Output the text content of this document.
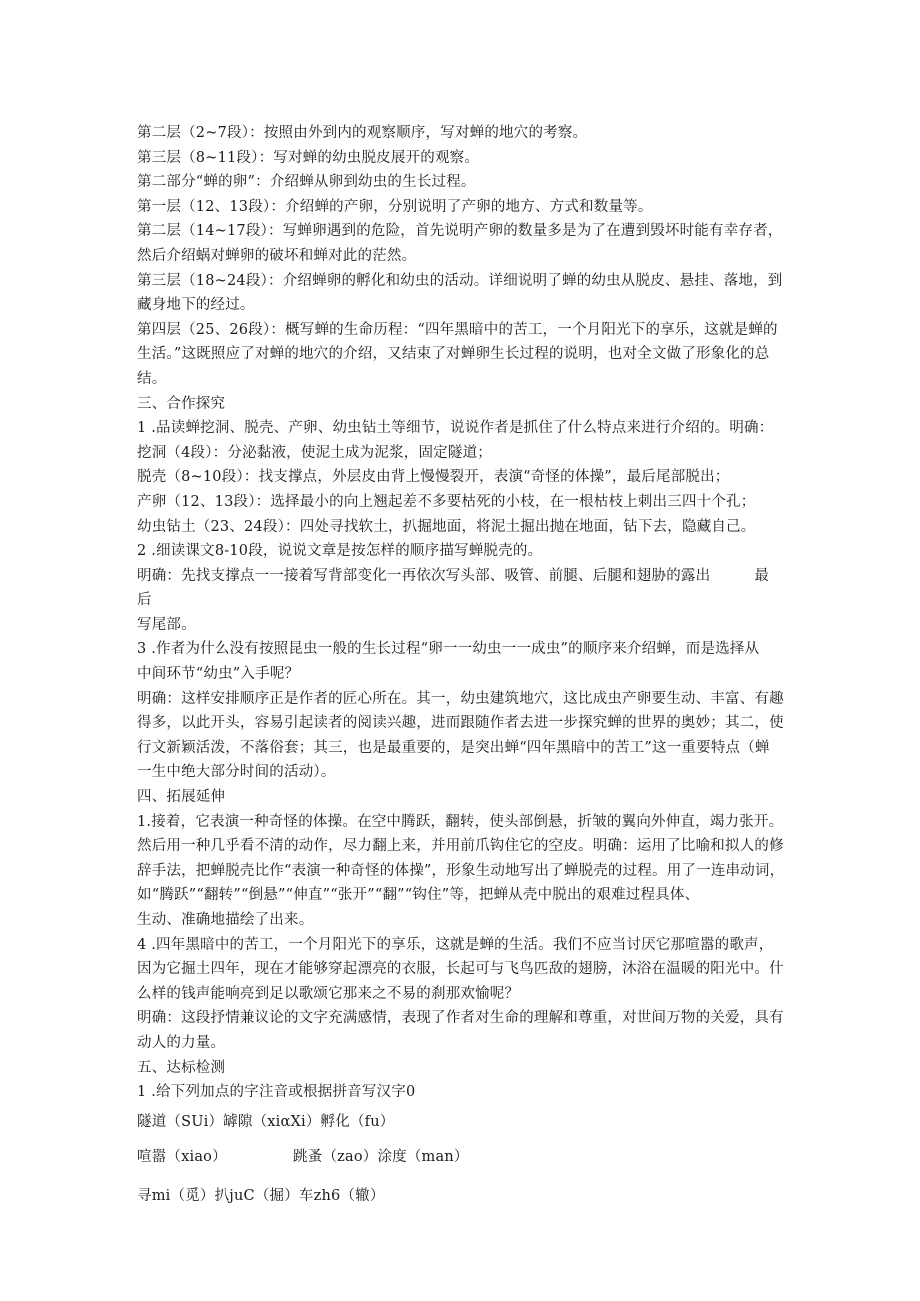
第二层（2~7段）：按照由外到内的观察顺序，写对蝉的地穴的考察。

第三层（8~11段）：写对蝉的幼虫脱皮展开的观察。

第二部分“蝉的卵”：介绍蝉从卵到幼虫的生长过程。

第一层（12、13段）：介绍蝉的产卵，分别说明了产卵的地方、方式和数量等。

第二层（14~17段）：写蝉卵遇到的危险，首先说明产卵的数量多是为了在遭到毁坏时能有幸存者，

然后介绍蜗对蝉卵的破坏和蝉对此的茫然。

第三层（18~24段）：介绍蝉卵的孵化和幼虫的活动。详细说明了蝉的幼虫从脱皮、悬挂、落地，到

藏身地下的经过。

第四层（25、26段）：概写蝉的生命历程：“四年黑暗中的苦工，一个月阳光下的享乐，这就是蝉的

生活。”这既照应了对蝉的地穴的介绍，又结束了对蝉卵生长过程的说明，也对全文做了形象化的总

结。

三、合作探究

1 .品读蝉挖洞、脱壳、产卵、幼虫钻土等细节，说说作者是抓住了什么特点来进行介绍的。明确：

挖洞（4段）：分泌黏液，使泥土成为泥浆，固定隧道；

脱壳（8~10段）：找支撑点，外层皮由背上慢慢裂开，表演“奇怪的体操”，最后尾部脱出；

产卵（12、13段）：选择最小的向上翘起差不多要枯死的小枝，在一根枯枝上刺出三四十个孔；

幼虫钻土（23、24段）：四处寻找软土，扒掘地面，将泥土掘出抛在地面，钻下去，隐藏自己。

2 .细读课文8-10段，说说文章是按怎样的顺序描写蝉脱壳的。

明确：先找支撑点一一接着写背部变化一再依次写头部、吸管、前腿、后腿和翅胁的露出　　　最 后

写尾部。

3 .作者为什么没有按照昆虫一般的生长过程“卵一一幼虫一一成虫”的顺序来介绍蝉，而是选择从

中间环节“幼虫”入手呢？

明确：这样安排顺序正是作者的匠心所在。其一，幼虫建筑地穴，这比成虫产卵要生动、丰富、有趣

得多，以此开头，容易引起读者的阅读兴趣，进而跟随作者去进一步探究蝉的世界的奥妙；其二，使

行文新颖活泼，不落俗套；其三，也是最重要的，是突出蝉“四年黑暗中的苦工”这一重要特点（蝉

一生中绝大部分时间的活动）。

四、拓展延伸

1.接着，它表演一种奇怪的体操。在空中腾跃，翻转，使头部倒悬，折皱的翼向外伸直，竭力张开。

然后用一种几乎看不清的动作，尽力翻上来，并用前爪钩住它的空皮。明确：运用了比喻和拟人的修

辞手法，把蝉脱壳比作“表演一种奇怪的体操”，形象生动地写出了蝉脱壳的过程。用了一连串动词，

如“腾跃”“翻转”“倒悬”“伸直”“张开”“翻”“钩住”等，把蝉从壳中脱出的艰难过程具体、

生动、准确地描绘了出来。

4 .四年黑暗中的苦工，一个月阳光下的享乐，这就是蝉的生活。我们不应当讨厌它那喧嚣的歌声，

因为它掘土四年，现在才能够穿起漂亮的衣服，长起可与飞鸟匹敌的翅膀，沐浴在温暖的阳光中。什

么样的钱声能响亮到足以歌颂它那来之不易的刹那欢愉呢？

明确：这段抒情兼议论的文字充满感情，表现了作者对生命的理解和尊重，对世间万物的关爱，具有

动人的力量。

五、达标检测

1 .给下列加点的字注音或根据拼音写汉字0

隧道（SUi）罅隙（xiαXi）孵化（fu）

喧嚣（xiao）　　　　　跳蚤（zao）涂度（man）

寻mi（觅）扒juC（掘）车zh6（辙）
